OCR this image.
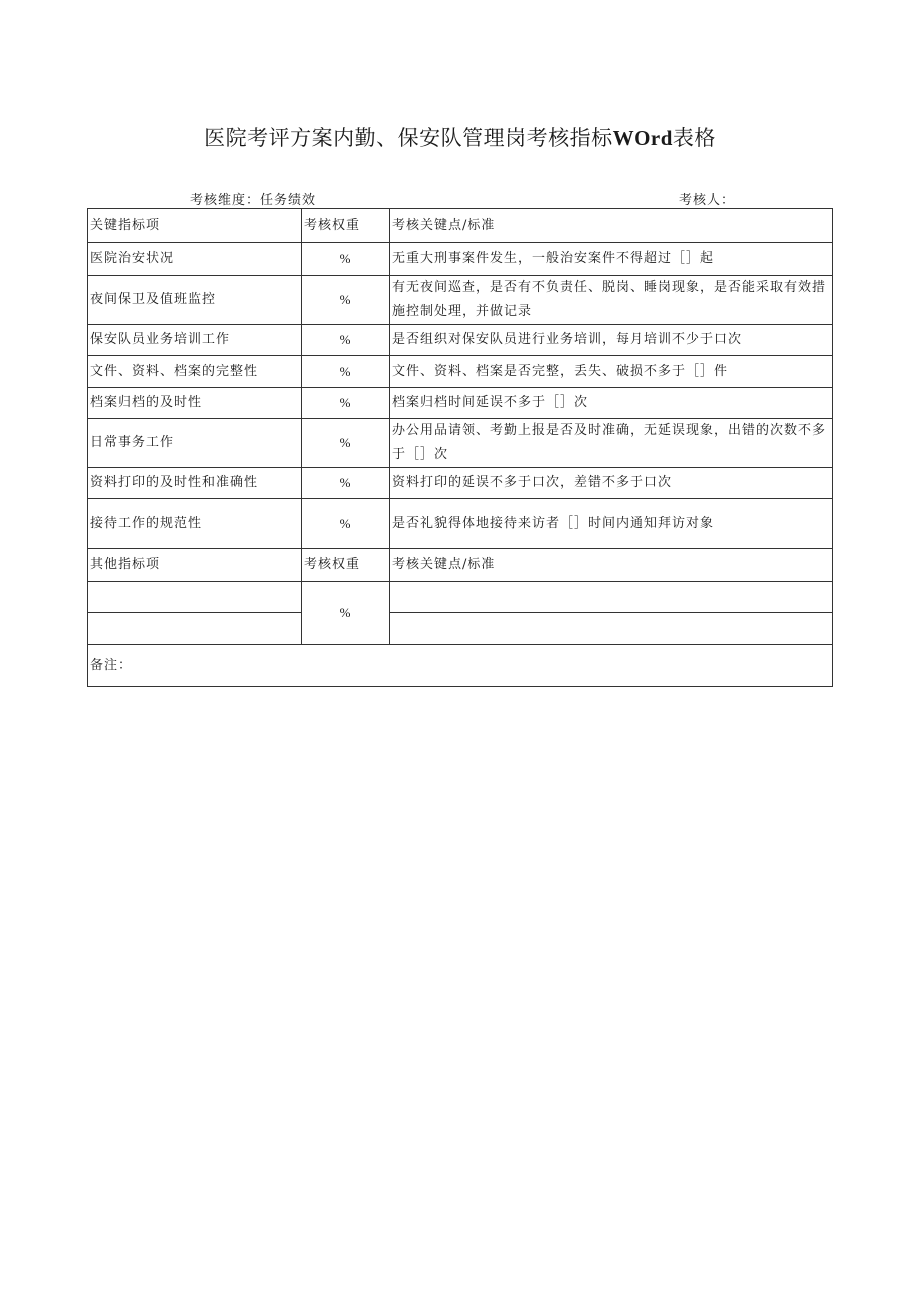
医院考评方案内勤、保安队管理岗考核指标WOrd表格
考核维度：任务绩效	考核人：
关键指标项	考核权重	考核关键点/标准
医院治安状况	%	无重大刑事案件发生，一般治安案件不得超过［］起
夜间保卫及值班监控	%	有无夜间巡查，是否有不负责任、脱岗、睡岗现象，是否能采取有效措施控制处理，并做记录
保安队员业务培训工作	%	是否组织对保安队员进行业务培训，每月培训不少于口次
文件、资料、档案的完整性	%	文件、资料、档案是否完整，丢失、破损不多于［］件
档案归档的及时性	%	档案归档时间延误不多于［］次
日常事务工作	%	办公用品请领、考勤上报是否及时准确，无延误现象，出错的次数不多于［］次
资料打印的及时性和准确性	%	资料打印的延误不多于口次，差错不多于口次
接待工作的规范性	%	是否礼貌得体地接待来访者［］时间内通知拜访对象
其他指标项	考核权重	考核关键点/标准
	%	

备注：		
